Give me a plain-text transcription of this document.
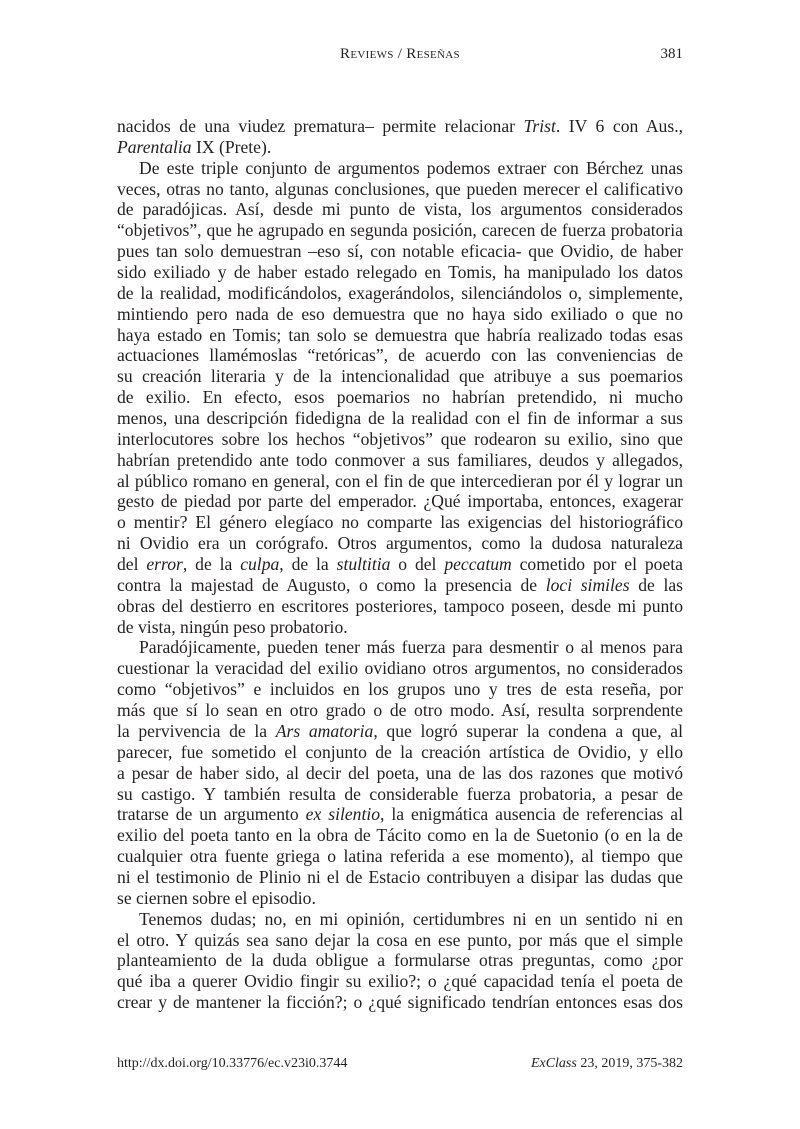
Reviews / Reseñas	381
nacidos de una viudez prematura– permite relacionar Trist. IV 6 con Aus.,
Parentalia IX (Prete).
De este triple conjunto de argumentos podemos extraer con Bérchez unas
veces, otras no tanto, algunas conclusiones, que pueden merecer el calificativo
de paradójicas. Así, desde mi punto de vista, los argumentos considerados
“objetivos”, que he agrupado en segunda posición, carecen de fuerza probatoria
pues tan solo demuestran –eso sí, con notable eficacia- que Ovidio, de haber
sido exiliado y de haber estado relegado en Tomis, ha manipulado los datos
de la realidad, modificándolos, exagerándolos, silenciándolos o, simplemente,
mintiendo pero nada de eso demuestra que no haya sido exiliado o que no
haya estado en Tomis; tan solo se demuestra que habría realizado todas esas
actuaciones llamémoslas “retóricas”, de acuerdo con las conveniencias de
su creación literaria y de la intencionalidad que atribuye a sus poemarios
de exilio. En efecto, esos poemarios no habrían pretendido, ni mucho
menos, una descripción fidedigna de la realidad con el fin de informar a sus
interlocutores sobre los hechos “objetivos” que rodearon su exilio, sino que
habrían pretendido ante todo conmover a sus familiares, deudos y allegados,
al público romano en general, con el fin de que intercedieran por él y lograr un
gesto de piedad por parte del emperador. ¿Qué importaba, entonces, exagerar
o mentir? El género elegíaco no comparte las exigencias del historiográfico
ni Ovidio era un corógrafo. Otros argumentos, como la dudosa naturaleza
del error, de la culpa, de la stultitia o del peccatum cometido por el poeta
contra la majestad de Augusto, o como la presencia de loci similes de las
obras del destierro en escritores posteriores, tampoco poseen, desde mi punto
de vista, ningún peso probatorio.
Paradójicamente, pueden tener más fuerza para desmentir o al menos para
cuestionar la veracidad del exilio ovidiano otros argumentos, no considerados
como “objetivos” e incluidos en los grupos uno y tres de esta reseña, por
más que sí lo sean en otro grado o de otro modo. Así, resulta sorprendente
la pervivencia de la Ars amatoria, que logró superar la condena a que, al
parecer, fue sometido el conjunto de la creación artística de Ovidio, y ello
a pesar de haber sido, al decir del poeta, una de las dos razones que motivó
su castigo. Y también resulta de considerable fuerza probatoria, a pesar de
tratarse de un argumento ex silentio, la enigmática ausencia de referencias al
exilio del poeta tanto en la obra de Tácito como en la de Suetonio (o en la de
cualquier otra fuente griega o latina referida a ese momento), al tiempo que
ni el testimonio de Plinio ni el de Estacio contribuyen a disipar las dudas que
se ciernen sobre el episodio.
Tenemos dudas; no, en mi opinión, certidumbres ni en un sentido ni en
el otro. Y quizás sea sano dejar la cosa en ese punto, por más que el simple
planteamiento de la duda obligue a formularse otras preguntas, como ¿por
qué iba a querer Ovidio fingir su exilio?; o ¿qué capacidad tenía el poeta de
crear y de mantener la ficción?; o ¿qué significado tendrían entonces esas dos
http://dx.doi.org/10.33776/ec.v23i0.3744	ExClass 23, 2019, 375-382
